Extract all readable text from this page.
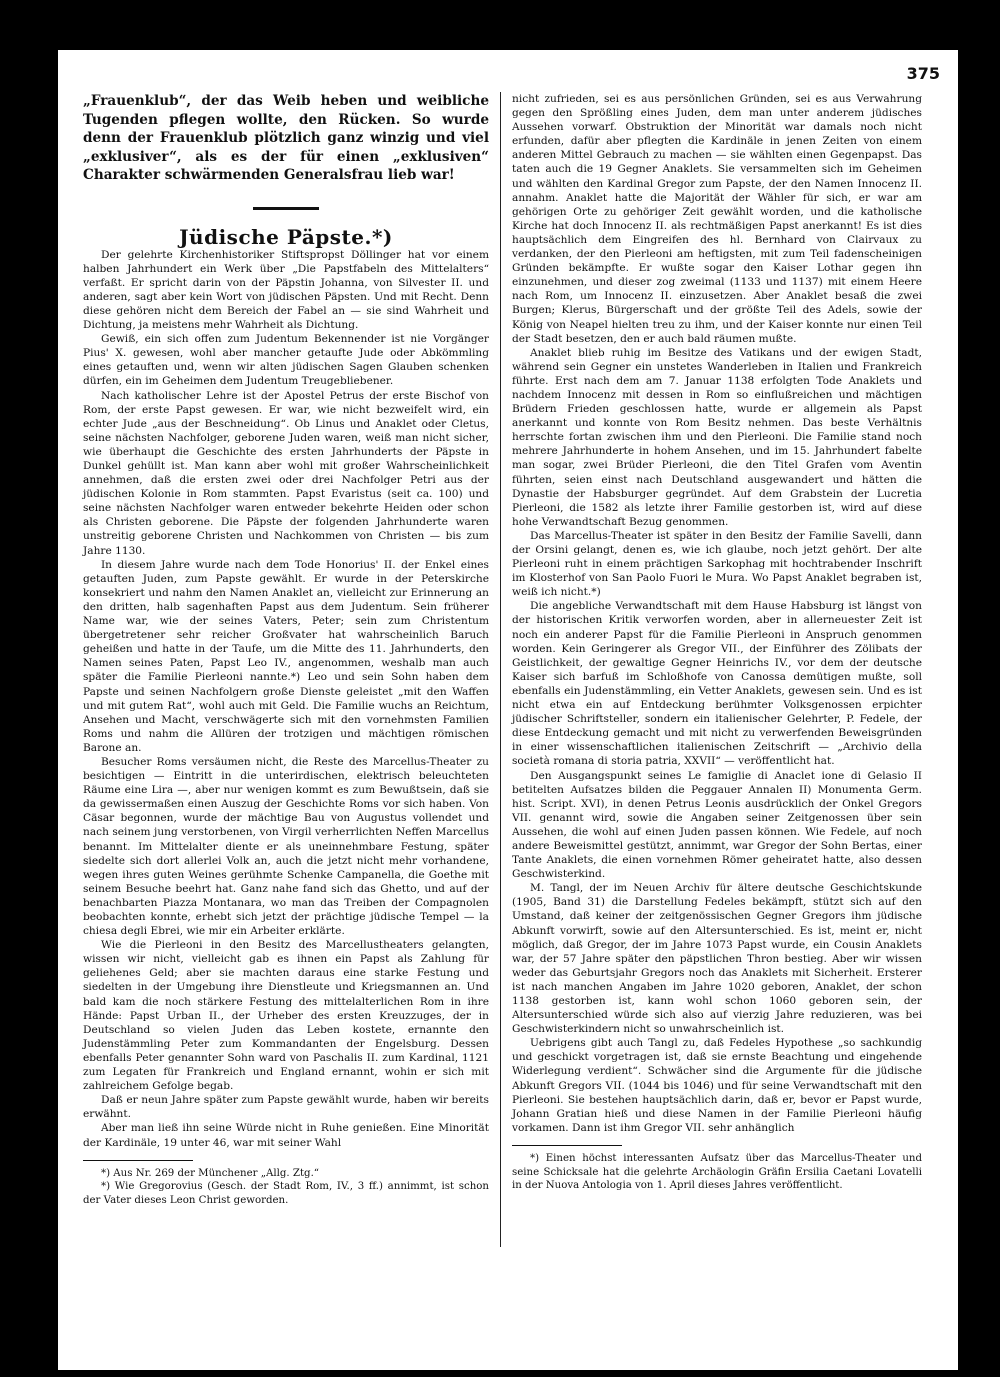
375

„Frauenklub“, der das Weib heben und weibliche Tugenden pflegen wollte, den Rücken. So wurde denn der Frauenklub plötzlich ganz winzig und viel „exklusiver“, als es der für einen „exklusiven“ Charakter schwärmenden Generalsfrau lieb war!

Jüdische Päpste.*)

Der gelehrte Kirchenhistoriker Stiftspropst Döllinger hat vor einem halben Jahrhundert ein Werk über „Die Papstfabeln des Mittelalters“ verfaßt. Er spricht darin von der Päpstin Johanna, von Silvester II. und anderen, sagt aber kein Wort von jüdischen Päpsten. Und mit Recht. Denn diese gehören nicht dem Bereich der Fabel an — sie sind Wahrheit und Dichtung, ja meistens mehr Wahrheit als Dichtung.

Gewiß, ein sich offen zum Judentum Bekennender ist nie Vorgänger Pius' X. gewesen, wohl aber mancher getaufte Jude oder Abkömmling eines getauften und, wenn wir alten jüdischen Sagen Glauben schenken dürfen, ein im Geheimen dem Judentum Treugebliebener.

Nach katholischer Lehre ist der Apostel Petrus der erste Bischof von Rom, der erste Papst gewesen. Er war, wie nicht bezweifelt wird, ein echter Jude „aus der Beschneidung“. Ob Linus und Anaklet oder Cletus, seine nächsten Nachfolger, geborene Juden waren, weiß man nicht sicher, wie überhaupt die Geschichte des ersten Jahrhunderts der Päpste in Dunkel gehüllt ist. Man kann aber wohl mit großer Wahrscheinlichkeit annehmen, daß die ersten zwei oder drei Nachfolger Petri aus der jüdischen Kolonie in Rom stammten. Papst Evaristus (seit ca. 100) und seine nächsten Nachfolger waren entweder bekehrte Heiden oder schon als Christen geborene. Die Päpste der folgenden Jahrhunderte waren unstreitig geborene Christen und Nachkommen von Christen — bis zum Jahre 1130.

In diesem Jahre wurde nach dem Tode Honorius' II. der Enkel eines getauften Juden, zum Papste gewählt. Er wurde in der Peterskirche konsekriert und nahm den Namen Anaklet an, vielleicht zur Erinnerung an den dritten, halb sagenhaften Papst aus dem Judentum. Sein früherer Name war, wie der seines Vaters, Peter; sein zum Christentum übergetretener sehr reicher Großvater hat wahrscheinlich Baruch geheißen und hatte in der Taufe, um die Mitte des 11. Jahrhunderts, den Namen seines Paten, Papst Leo IV., angenommen, weshalb man auch später die Familie Pierleoni nannte.*) Leo und sein Sohn haben dem Papste und seinen Nachfolgern große Dienste geleistet „mit den Waffen und mit gutem Rat“, wohl auch mit Geld. Die Familie wuchs an Reichtum, Ansehen und Macht, verschwägerte sich mit den vornehmsten Familien Roms und nahm die Allüren der trotzigen und mächtigen römischen Barone an.

Besucher Roms versäumen nicht, die Reste des Marcellus-Theater zu besichtigen — Eintritt in die unterirdischen, elektrisch beleuchteten Räume eine Lira —, aber nur wenigen kommt es zum Bewußtsein, daß sie da gewissermaßen einen Auszug der Geschichte Roms vor sich haben. Von Cäsar begonnen, wurde der mächtige Bau von Augustus vollendet und nach seinem jung verstorbenen, von Virgil verherrlichten Neffen Marcellus benannt. Im Mittelalter diente er als uneinnehmbare Festung, später siedelte sich dort allerlei Volk an, auch die jetzt nicht mehr vorhandene, wegen ihres guten Weines gerühmte Schenke Campanella, die Goethe mit seinem Besuche beehrt hat. Ganz nahe fand sich das Ghetto, und auf der benachbarten Piazza Montanara, wo man das Treiben der Compagnolen beobachten konnte, erhebt sich jetzt der prächtige jüdische Tempel — la chiesa degli Ebrei, wie mir ein Arbeiter erklärte.

Wie die Pierleoni in den Besitz des Marcellustheaters gelangten, wissen wir nicht, vielleicht gab es ihnen ein Papst als Zahlung für geliehenes Geld; aber sie machten daraus eine starke Festung und siedelten in der Umgebung ihre Dienstleute und Kriegsmannen an. Und bald kam die noch stärkere Festung des mittelalterlichen Rom in ihre Hände: Papst Urban II., der Urheber des ersten Kreuzzuges, der in Deutschland so vielen Juden das Leben kostete, ernannte den Judenstämmling Peter zum Kommandanten der Engelsburg. Dessen ebenfalls Peter genannter Sohn ward von Paschalis II. zum Kardinal, 1121 zum Legaten für Frankreich und England ernannt, wohin er sich mit zahlreichem Gefolge begab.

Daß er neun Jahre später zum Papste gewählt wurde, haben wir bereits erwähnt.

Aber man ließ ihn seine Würde nicht in Ruhe genießen. Eine Minorität der Kardinäle, 19 unter 46, war mit seiner Wahl

*) Aus Nr. 269 der Münchener „Allg. Ztg.“

*) Wie Gregorovius (Gesch. der Stadt Rom, IV., 3 ff.) annimmt, ist schon der Vater dieses Leon Christ geworden.

nicht zufrieden, sei es aus persönlichen Gründen, sei es aus Verwahrung gegen den Sprößling eines Juden, dem man unter anderem jüdisches Aussehen vorwarf. Obstruktion der Minorität war damals noch nicht erfunden, dafür aber pflegten die Kardinäle in jenen Zeiten von einem anderen Mittel Gebrauch zu machen — sie wählten einen Gegenpapst. Das taten auch die 19 Gegner Anaklets. Sie versammelten sich im Geheimen und wählten den Kardinal Gregor zum Papste, der den Namen Innocenz II. annahm. Anaklet hatte die Majorität der Wähler für sich, er war am gehörigen Orte zu gehöriger Zeit gewählt worden, und die katholische Kirche hat doch Innocenz II. als rechtmäßigen Papst anerkannt! Es ist dies hauptsächlich dem Eingreifen des hl. Bernhard von Clairvaux zu verdanken, der den Pierleoni am heftigsten, mit zum Teil fadenscheinigen Gründen bekämpfte. Er wußte sogar den Kaiser Lothar gegen ihn einzunehmen, und dieser zog zweimal (1133 und 1137) mit einem Heere nach Rom, um Innocenz II. einzusetzen. Aber Anaklet besaß die zwei Burgen; Klerus, Bürgerschaft und der größte Teil des Adels, sowie der König von Neapel hielten treu zu ihm, und der Kaiser konnte nur einen Teil der Stadt besetzen, den er auch bald räumen mußte.

Anaklet blieb ruhig im Besitze des Vatikans und der ewigen Stadt, während sein Gegner ein unstetes Wanderleben in Italien und Frankreich führte. Erst nach dem am 7. Januar 1138 erfolgten Tode Anaklets und nachdem Innocenz mit dessen in Rom so einflußreichen und mächtigen Brüdern Frieden geschlossen hatte, wurde er allgemein als Papst anerkannt und konnte von Rom Besitz nehmen. Das beste Verhältnis herrschte fortan zwischen ihm und den Pierleoni. Die Familie stand noch mehrere Jahrhunderte in hohem Ansehen, und im 15. Jahrhundert fabelte man sogar, zwei Brüder Pierleoni, die den Titel Grafen vom Aventin führten, seien einst nach Deutschland ausgewandert und hätten die Dynastie der Habsburger gegründet. Auf dem Grabstein der Lucretia Pierleoni, die 1582 als letzte ihrer Familie gestorben ist, wird auf diese hohe Verwandtschaft Bezug genommen.

Das Marcellus-Theater ist später in den Besitz der Familie Savelli, dann der Orsini gelangt, denen es, wie ich glaube, noch jetzt gehört. Der alte Pierleoni ruht in einem prächtigen Sarkophag mit hochtrabender Inschrift im Klosterhof von San Paolo Fuori le Mura. Wo Papst Anaklet begraben ist, weiß ich nicht.*)

Die angebliche Verwandtschaft mit dem Hause Habsburg ist längst von der historischen Kritik verworfen worden, aber in allerneuester Zeit ist noch ein anderer Papst für die Familie Pierleoni in Anspruch genommen worden. Kein Geringerer als Gregor VII., der Einführer des Zölibats der Geistlichkeit, der gewaltige Gegner Heinrichs IV., vor dem der deutsche Kaiser sich barfuß im Schloßhofe von Canossa demütigen mußte, soll ebenfalls ein Judenstämmling, ein Vetter Anaklets, gewesen sein. Und es ist nicht etwa ein auf Entdeckung berühmter Volksgenossen erpichter jüdischer Schriftsteller, sondern ein italienischer Gelehrter, P. Fedele, der diese Entdeckung gemacht und mit nicht zu verwerfenden Beweisgründen in einer wissenschaftlichen italienischen Zeitschrift — „Archivio della società romana di storia patria, XXVII“ — veröffentlicht hat.

Den Ausgangspunkt seines Le famiglie di Anaclet ione di Gelasio II betitelten Aufsatzes bilden die Peggauer Annalen II) Monumenta Germ. hist. Script. XVI), in denen Petrus Leonis ausdrücklich der Onkel Gregors VII. genannt wird, sowie die Angaben seiner Zeitgenossen über sein Aussehen, die wohl auf einen Juden passen können. Wie Fedele, auf noch andere Beweismittel gestützt, annimmt, war Gregor der Sohn Bertas, einer Tante Anaklets, die einen vornehmen Römer geheiratet hatte, also dessen Geschwisterkind.

M. Tangl, der im Neuen Archiv für ältere deutsche Geschichtskunde (1905, Band 31) die Darstellung Fedeles bekämpft, stützt sich auf den Umstand, daß keiner der zeitgenössischen Gegner Gregors ihm jüdische Abkunft vorwirft, sowie auf den Altersunterschied. Es ist, meint er, nicht möglich, daß Gregor, der im Jahre 1073 Papst wurde, ein Cousin Anaklets war, der 57 Jahre später den päpstlichen Thron bestieg. Aber wir wissen weder das Geburtsjahr Gregors noch das Anaklets mit Sicherheit. Ersterer ist nach manchen Angaben im Jahre 1020 geboren, Anaklet, der schon 1138 gestorben ist, kann wohl schon 1060 geboren sein, der Altersunterschied würde sich also auf vierzig Jahre reduzieren, was bei Geschwisterkindern nicht so unwahrscheinlich ist.

Uebrigens gibt auch Tangl zu, daß Fedeles Hypothese „so sachkundig und geschickt vorgetragen ist, daß sie ernste Beachtung und eingehende Widerlegung verdient“. Schwächer sind die Argumente für die jüdische Abkunft Gregors VII. (1044 bis 1046) und für seine Verwandtschaft mit den Pierleoni. Sie bestehen hauptsächlich darin, daß er, bevor er Papst wurde, Johann Gratian hieß und diese Namen in der Familie Pierleoni häufig vorkamen. Dann ist ihm Gregor VII. sehr anhänglich

*) Einen höchst interessanten Aufsatz über das Marcellus-Theater und seine Schicksale hat die gelehrte Archäologin Gräfin Ersilia Caetani Lovatelli in der Nuova Antologia von 1. April dieses Jahres veröffentlicht.
